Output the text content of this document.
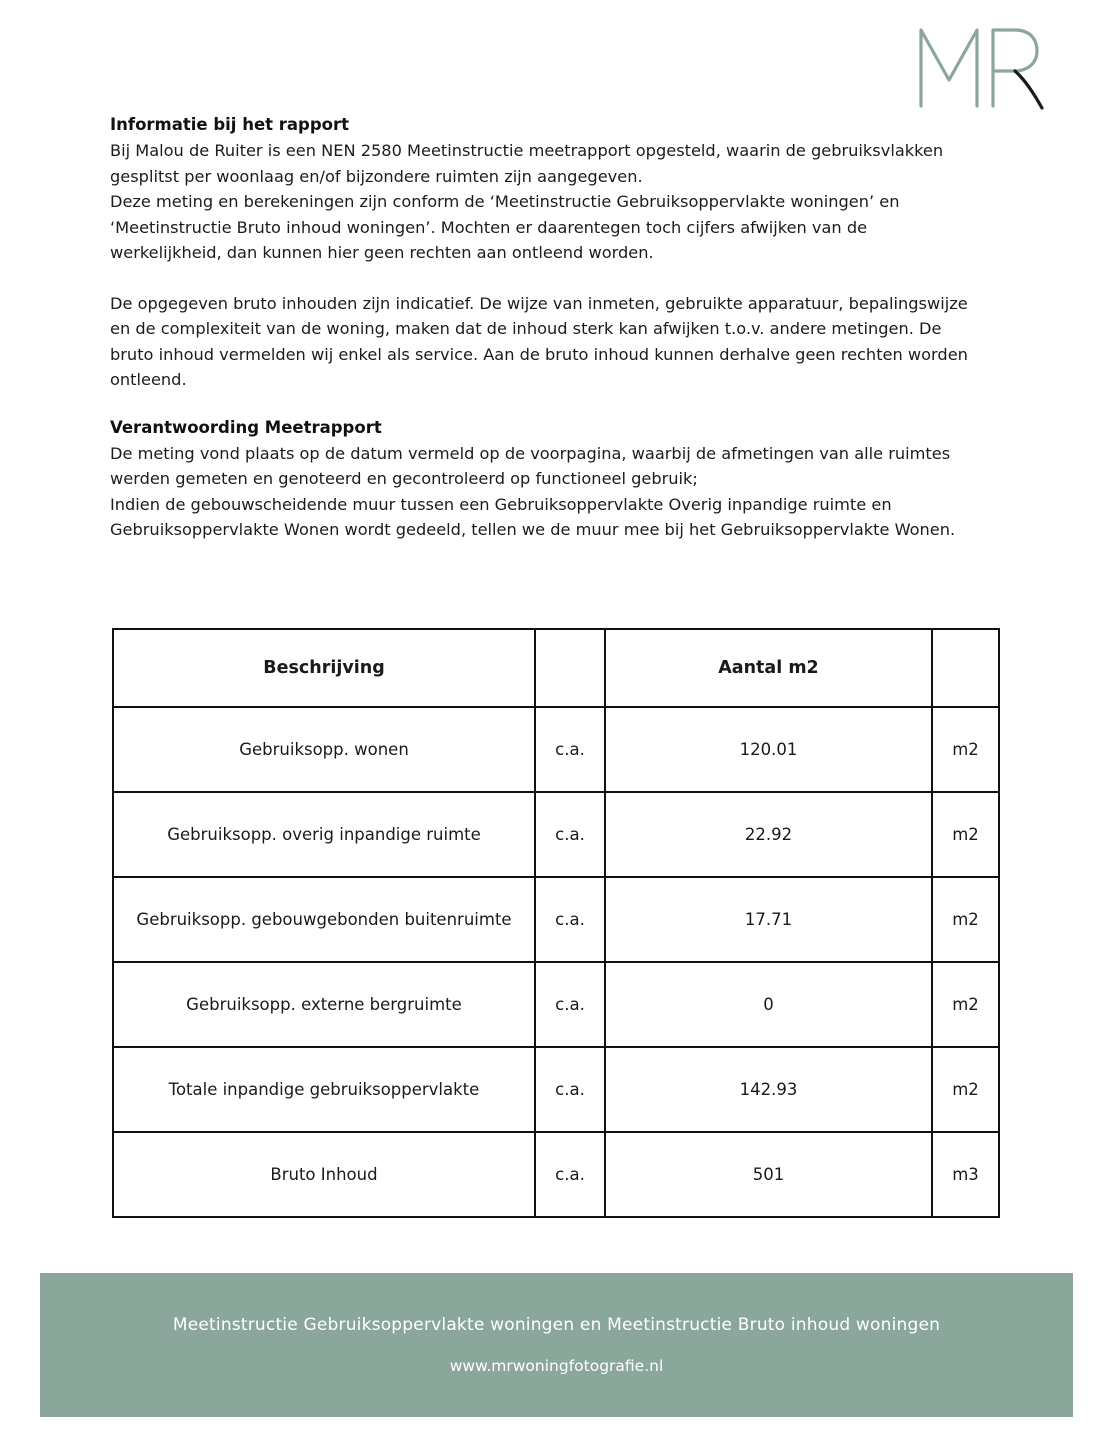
Informatie bij het rapport

Bij Malou de Ruiter is een NEN 2580 Meetinstructie meetrapport opgesteld, waarin de gebruiksvlakken gesplitst per woonlaag en/of bijzondere ruimten zijn aangegeven.

Deze meting en berekeningen zijn conform de ‘Meetinstructie Gebruiksoppervlakte woningen’ en ‘Meetinstructie Bruto inhoud woningen’. Mochten er daarentegen toch cijfers afwijken van de werkelijkheid, dan kunnen hier geen rechten aan ontleend worden.

De opgegeven bruto inhouden zijn indicatief. De wijze van inmeten, gebruikte apparatuur, bepalingswijze en de complexiteit van de woning, maken dat de inhoud sterk kan afwijken t.o.v. andere metingen. De bruto inhoud vermelden wij enkel als service. Aan de bruto inhoud kunnen derhalve geen rechten worden ontleend.

Verantwoording Meetrapport

De meting vond plaats op de datum vermeld op de voorpagina, waarbij de afmetingen van alle ruimtes werden gemeten en genoteerd en gecontroleerd op functioneel gebruik;

Indien de gebouwscheidende muur tussen een Gebruiksoppervlakte Overig inpandige ruimte en Gebruiksoppervlakte Wonen wordt gedeeld, tellen we de muur mee bij het Gebruiksoppervlakte Wonen.

Beschrijving		Aantal m2	
Gebruiksopp. wonen	c.a.	120.01	m2
Gebruiksopp. overig inpandige ruimte	c.a.	22.92	m2
Gebruiksopp. gebouwgebonden buitenruimte	c.a.	17.71	m2
Gebruiksopp. externe bergruimte	c.a.	0	m2
Totale inpandige gebruiksoppervlakte	c.a.	142.93	m2
Bruto Inhoud	c.a.	501	m3
Meetinstructie Gebruiksoppervlakte woningen en Meetinstructie Bruto inhoud woningen
www.mrwoningfotografie.nl
